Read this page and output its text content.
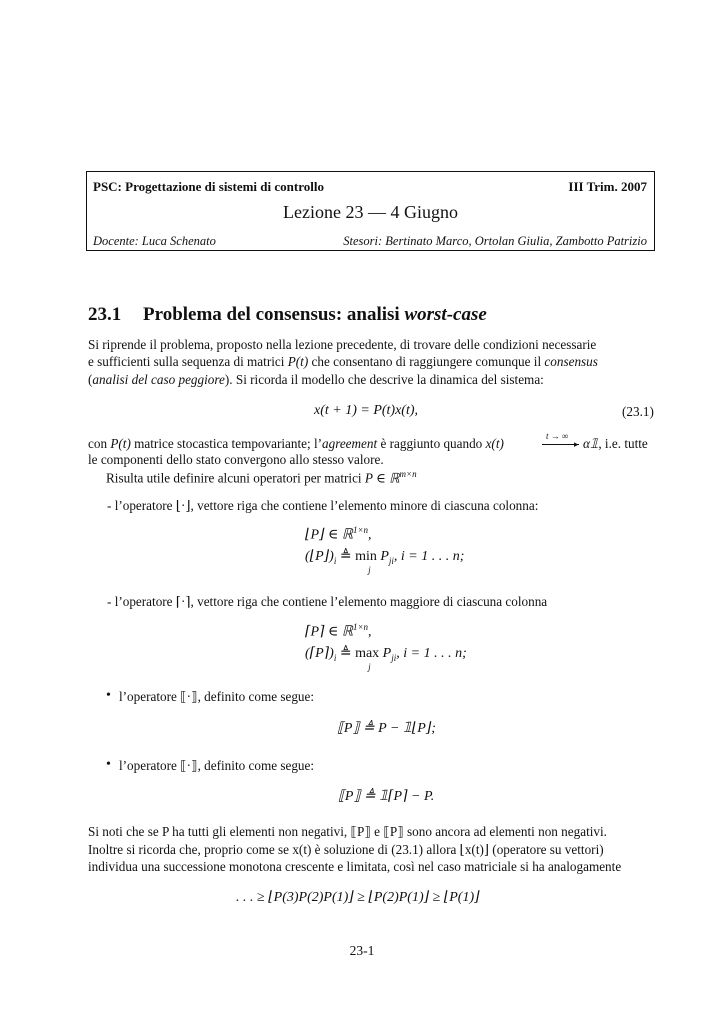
PSC: Progettazione di sistemi di controllo	III Trim. 2007
Lezione 23 — 4 Giugno
Docente: Luca Schenato	Stesori: Bertinato Marco, Ortolan Giulia, Zambotto Patrizio
23.1 Problema del consensus: analisi worst-case
Si riprende il problema, proposto nella lezione precedente, di trovare delle condizioni necessarie
e sufficienti sulla sequenza di matrici P(t) che consentano di raggiungere comunque il consensus
(analisi del caso peggiore). Si ricorda il modello che descrive la dinamica del sistema:
x(t + 1) = P(t)x(t),	(23.1)
con P(t) matrice stocastica tempovariante; l’agreement è raggiunto quando x(t)	t → ∞
▸ α𝟙, i.e. tutte
le componenti dello stato convergono allo stesso valore.
Risulta utile definire alcuni operatori per matrici P ∈ ℝ$^{m\times n}$
- l’operatore ⌊·⌋, vettore riga che contiene l’elemento minore di ciascuna colonna:
⌊P⌋ ∈ ℝ$^{1\times n}$,
$(⌊P⌋)_i$ ≜ min
j
$P_{ji}$, i = 1 . . . n;
- l’operatore ⌈·⌉, vettore riga che contiene l’elemento maggiore di ciascuna colonna
⌈P⌉ ∈ ℝ$^{1\times n}$,
$(⌈P⌉)_i$ ≜ max
j
$P_{ji}$, i = 1 . . . n;
• l’operatore ⟦·⟧, definito come segue:
⟦P⟧ ≜ P − 𝟙⌊P⌋;
• l’operatore ⟦·⟧, definito come segue:
⟦P⟧ ≜ 𝟙⌈P⌉ − P.
Si noti che se P ha tutti gli elementi non negativi, ⟦P⟧ e ⟦P⟧ sono ancora ad elementi non negativi.
Inoltre si ricorda che, proprio come se x(t) è soluzione di (23.1) allora ⌊x(t)⌋ (operatore su vettori)
individua una successione monotona crescente e limitata, così nel caso matriciale si ha analogamente
. . . ≥ ⌊P(3)P(2)P(1)⌋ ≥ ⌊P(2)P(1)⌋ ≥ ⌊P(1)⌋
23-1
